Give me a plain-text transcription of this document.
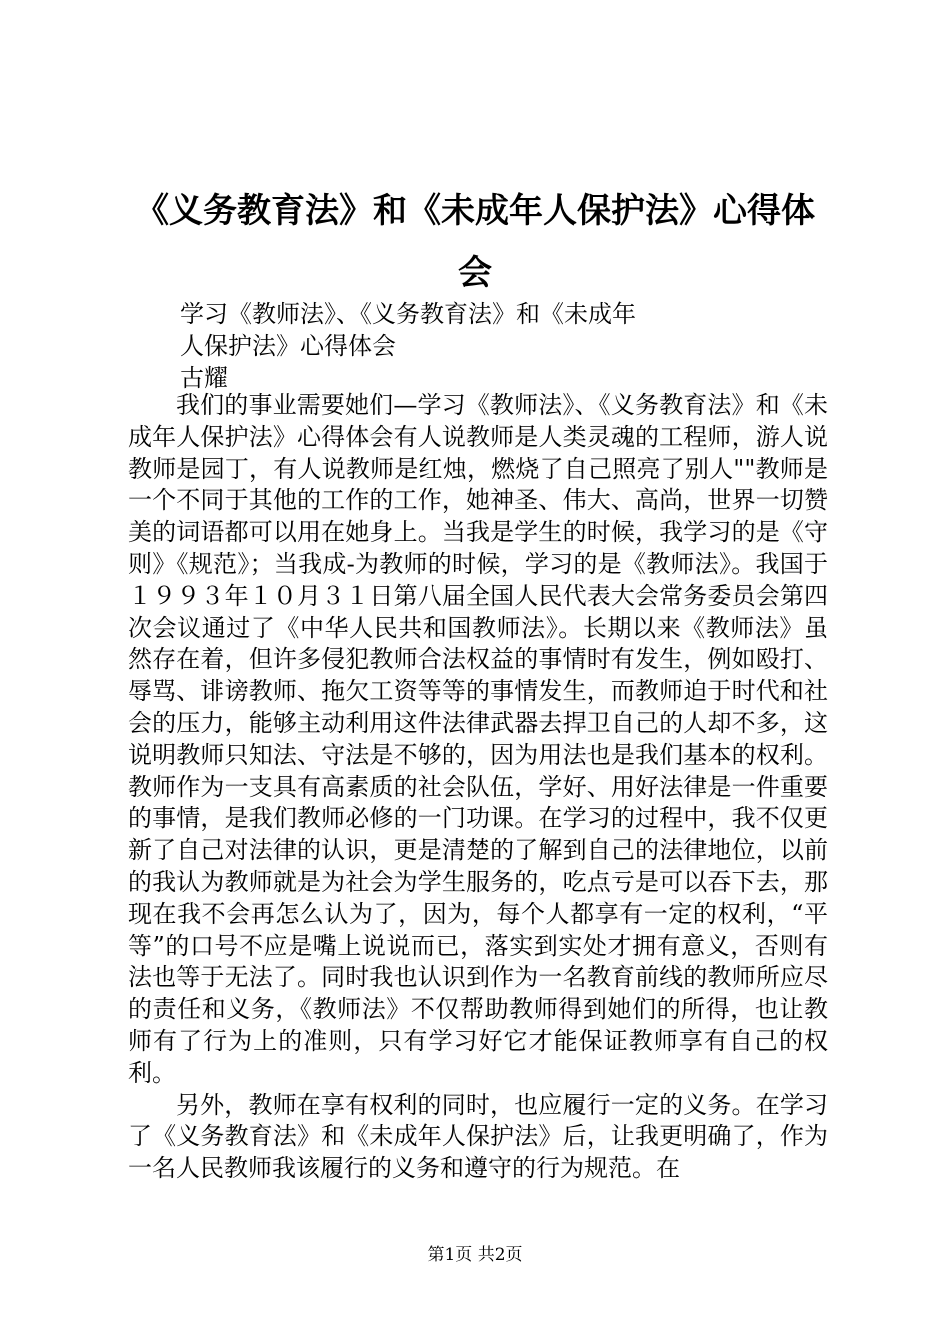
《义务教育法》和《未成年人保护法》心得体会
学习《教师法》、《义务教育法》和《未成年
人保护法》心得体会
古耀

我们的事业需要她们—学习《教师法》、《义务教育法》和《未成年人保护法》心得体会有人说教师是人类灵魂的工程师，游人说教师是园丁，有人说教师是红烛，燃烧了自己照亮了别人""教师是一个不同于其他的工作的工作，她神圣、伟大、高尚，世界一切赞美的词语都可以用在她身上。当我是学生的时候，我学习的是《守则》《规范》；当我成-为教师的时候，学习的是《教师法》。我国于１９９３年１０月３１日第八届全国人民代表大会常务委员会第四次会议通过了《中华人民共和国教师法》。长期以来《教师法》虽然存在着，但许多侵犯教师合法权益的事情时有发生，例如殴打、辱骂、诽谤教师、拖欠工资等等的事情发生，而教师迫于时代和社会的压力，能够主动利用这件法律武器去捍卫自己的人却不多，这说明教师只知法、守法是不够的，因为用法也是我们基本的权利。教师作为一支具有高素质的社会队伍，学好、用好法律是一件重要的事情，是我们教师必修的一门功课。在学习的过程中，我不仅更新了自己对法律的认识，更是清楚的了解到自己的法律地位，以前的我认为教师就是为社会为学生服务的，吃点亏是可以吞下去，那现在我不会再怎么认为了，因为，每个人都享有一定的权利，“平等”的口号不应是嘴上说说而已，落实到实处才拥有意义，否则有法也等于无法了。同时我也认识到作为一名教育前线的教师所应尽的责任和义务，《教师法》不仅帮助教师得到她们的所得，也让教师有了行为上的准则，只有学习好它才能保证教师享有自己的权利。

另外，教师在享有权利的同时，也应履行一定的义务。在学习了《义务教育法》和《未成年人保护法》后，让我更明确了，作为一名人民教师我该履行的义务和遵守的行为规范。在

第1页 共2页
